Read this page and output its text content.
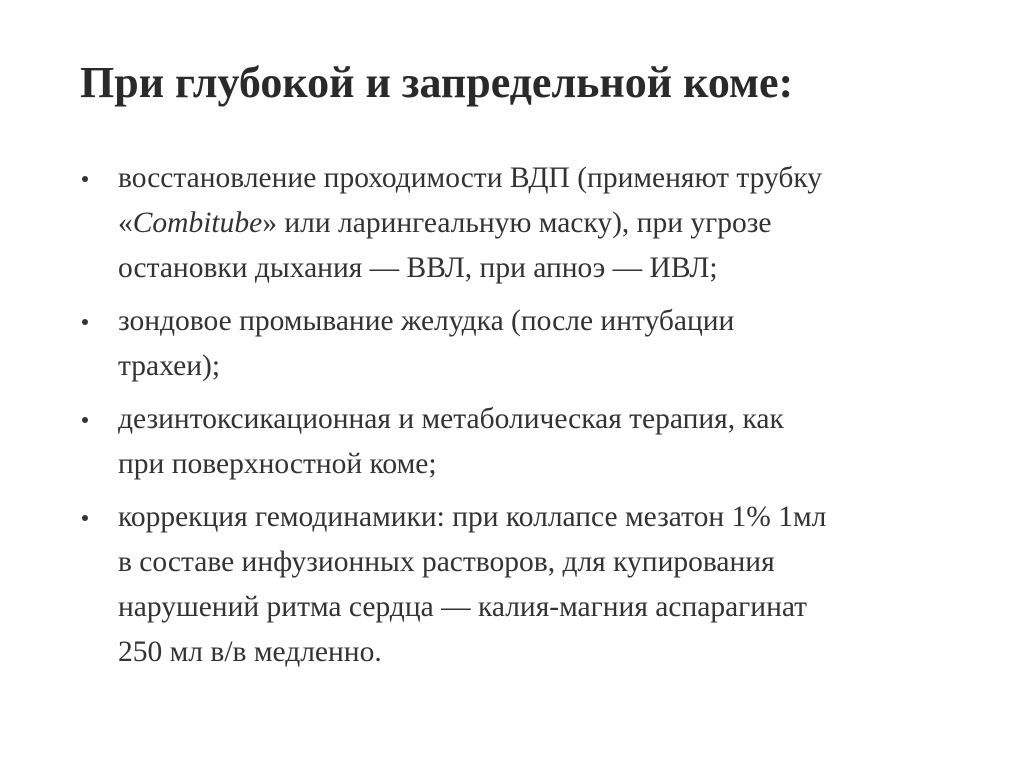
При глубокой и запредельной коме:
восстановление проходимости ВДП (применяют трубку
«Combitube» или ларингеальную маску), при угрозе
остановки дыхания — ВВЛ, при апноэ — ИВЛ;
зондовое промывание желудка (после интубации
трахеи);
дезинтоксикационная и метаболическая терапия, как
при поверхностной коме;
коррекция гемодинамики: при коллапсе мезатон 1% 1мл
в составе инфузионных растворов, для купирования
нарушений ритма сердца — калия-магния аспарагинат
250 мл в/в медленно.
